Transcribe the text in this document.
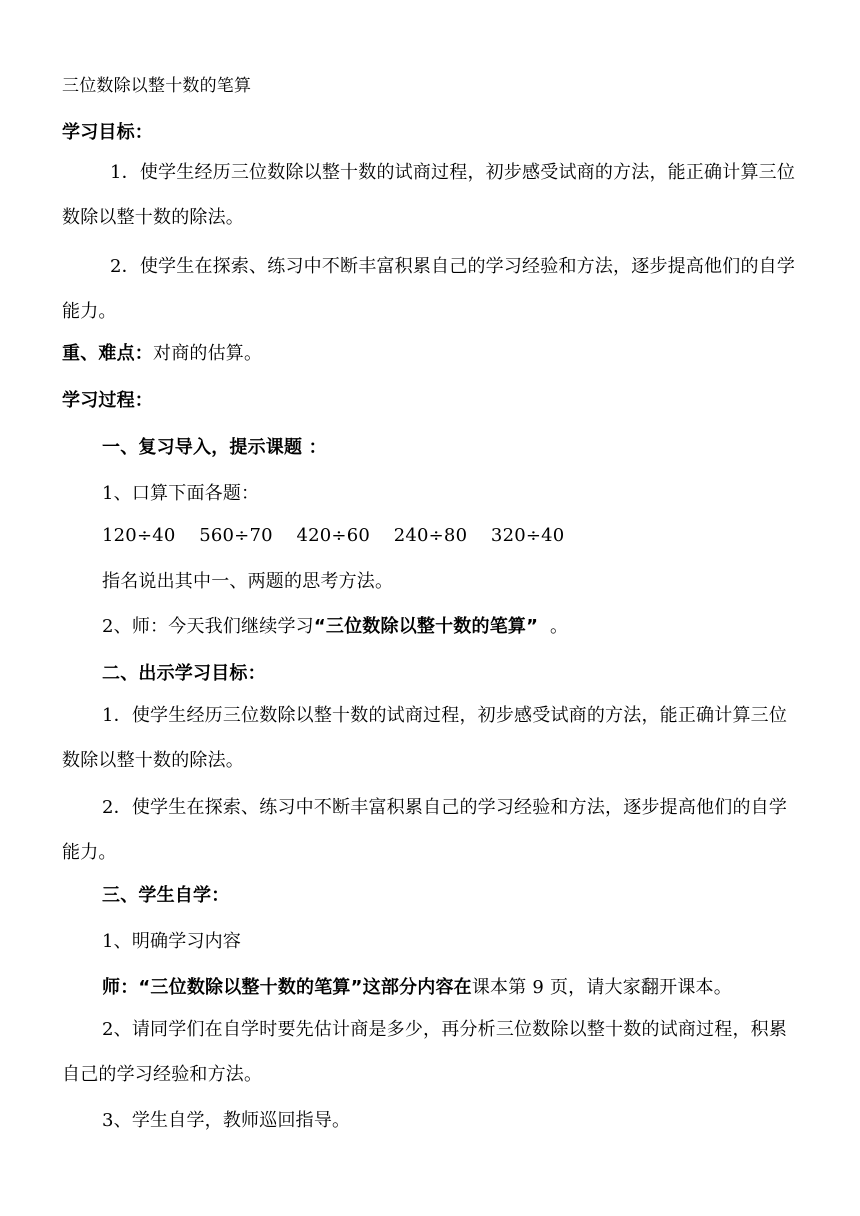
三位数除以整十数的笔算
学习目标：
1．使学生经历三位数除以整十数的试商过程，初步感受试商的方法，能正确计算三位数除以整十数的除法。
2．使学生在探索、练习中不断丰富积累自己的学习经验和方法，逐步提高他们的自学能力。
重、难点：对商的估算。
学习过程：
一、复习导入，提示课题 ：
1、口算下面各题：
120÷40    560÷70    420÷60    240÷80    320÷40
指名说出其中一、两题的思考方法。
2、师：今天我们继续学习“三位数除以整十数的笔算”  。
二、出示学习目标：
1．使学生经历三位数除以整十数的试商过程，初步感受试商的方法，能正确计算三位数除以整十数的除法。
2．使学生在探索、练习中不断丰富积累自己的学习经验和方法，逐步提高他们的自学能力。
三、学生自学：
1、明确学习内容
师：“三位数除以整十数的笔算”这部分内容在课本第 9 页，请大家翻开课本。
2、请同学们在自学时要先估计商是多少，再分析三位数除以整十数的试商过程，积累自己的学习经验和方法。
3、学生自学，教师巡回指导。
